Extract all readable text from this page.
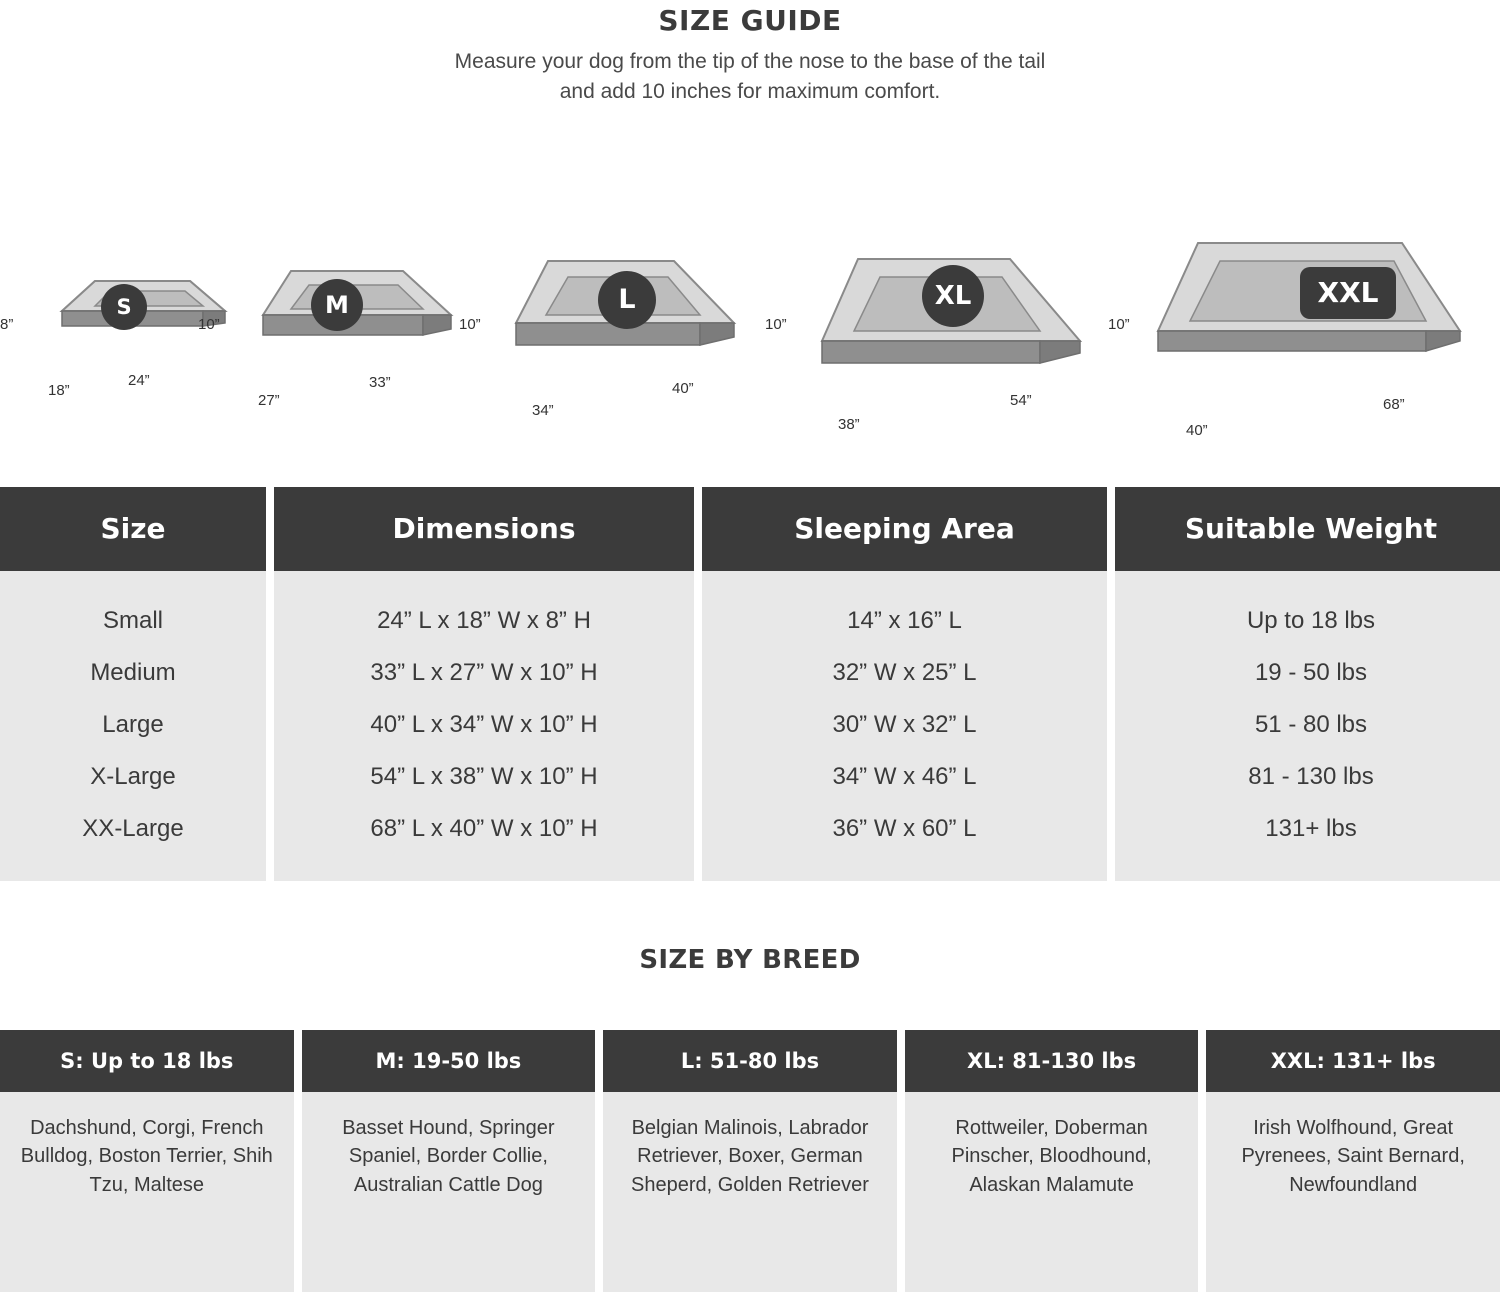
SIZE GUIDE
Measure your dog from the tip of the nose to the base of the tail
and add 10 inches for maximum comfort.
S
8”
18”
24”
M
10”
27”
33”
L
10”
34”
40”
XL
10”
38”
54”
XXL
10”
40”
68”
Size
Small
Medium
Large
X-Large
XX-Large
Dimensions
24” L x 18” W x 8” H
33” L x 27” W x 10” H
40” L x 34” W x 10” H
54” L x 38” W x 10” H
68” L x 40” W x 10” H
Sleeping Area
14” x 16” L
32” W x 25” L
30” W x 32” L
34” W x 46” L
36” W x 60” L
Suitable Weight
Up to 18 lbs
19 - 50 lbs
51 - 80 lbs
81 - 130 lbs
131+ lbs
SIZE BY BREED
S: Up to 18 lbs
Dachshund, Corgi, French Bulldog, Boston Terrier, Shih Tzu, Maltese
M: 19-50 lbs
Basset Hound, Springer Spaniel, Border Collie, Australian Cattle Dog
L: 51-80 lbs
Belgian Malinois, Labrador Retriever, Boxer, German Sheperd, Golden Retriever
XL: 81-130 lbs
Rottweiler, Doberman Pinscher, Bloodhound, Alaskan Malamute
XXL: 131+ lbs
Irish Wolfhound, Great Pyrenees, Saint Bernard, Newfoundland
